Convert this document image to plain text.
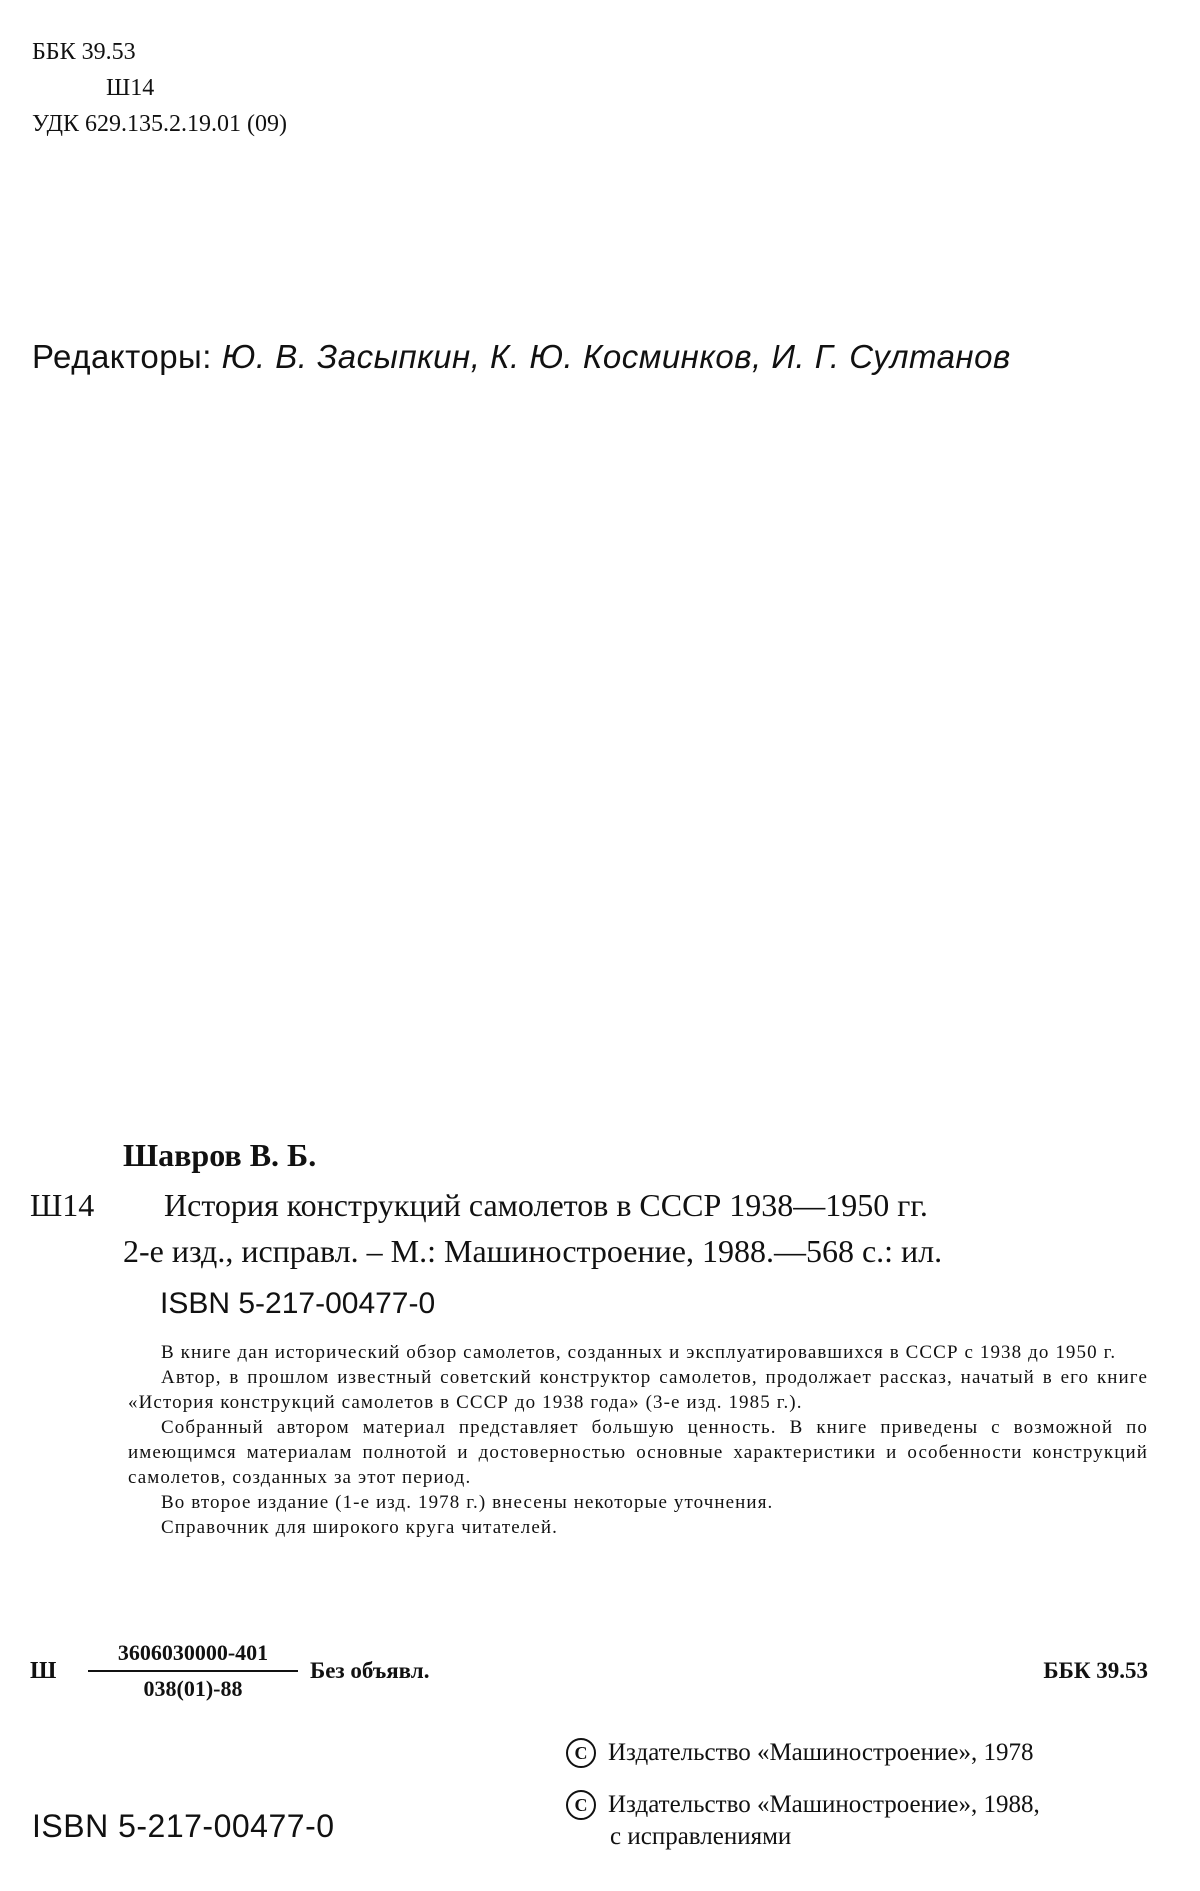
ББК 39.53
Ш14
УДК 629.135.2.19.01 (09)
Редакторы: Ю. В. Засыпкин, К. Ю. Косминков, И. Г. Султанов
Шавров В. Б.
Ш14 История конструкций самолетов в СССР 1938—1950 гг.
2-е изд., исправл. – М.: Машиностроение, 1988.—568 с.: ил.
ISBN 5-217-00477-0

В книге дан исторический обзор самолетов, созданных и эксплуатировавшихся в СССР с 1938 до 1950 г.

Автор, в прошлом известный советский конструктор самолетов, продолжает рассказ, начатый в его книге «История конструкций самолетов в СССР до 1938 года» (3-е изд. 1985 г.).

Собранный автором материал представляет большую ценность. В книге приведены с возможной по имеющимся материалам полнотой и достоверностью основные характеристики и особенности конструкций самолетов, созданных за этот период.

Во второе издание (1-е изд. 1978 г.) внесены некоторые уточнения.

Справочник для широкого круга читателей.

Ш $\frac{3606030000-401}{038(01)-88}$ Без объявл.	ББК 39.53
C Издательство «Машиностроение», 1978
C Издательство «Машиностроение», 1988,
с исправлениями
ISBN 5-217-00477-0
